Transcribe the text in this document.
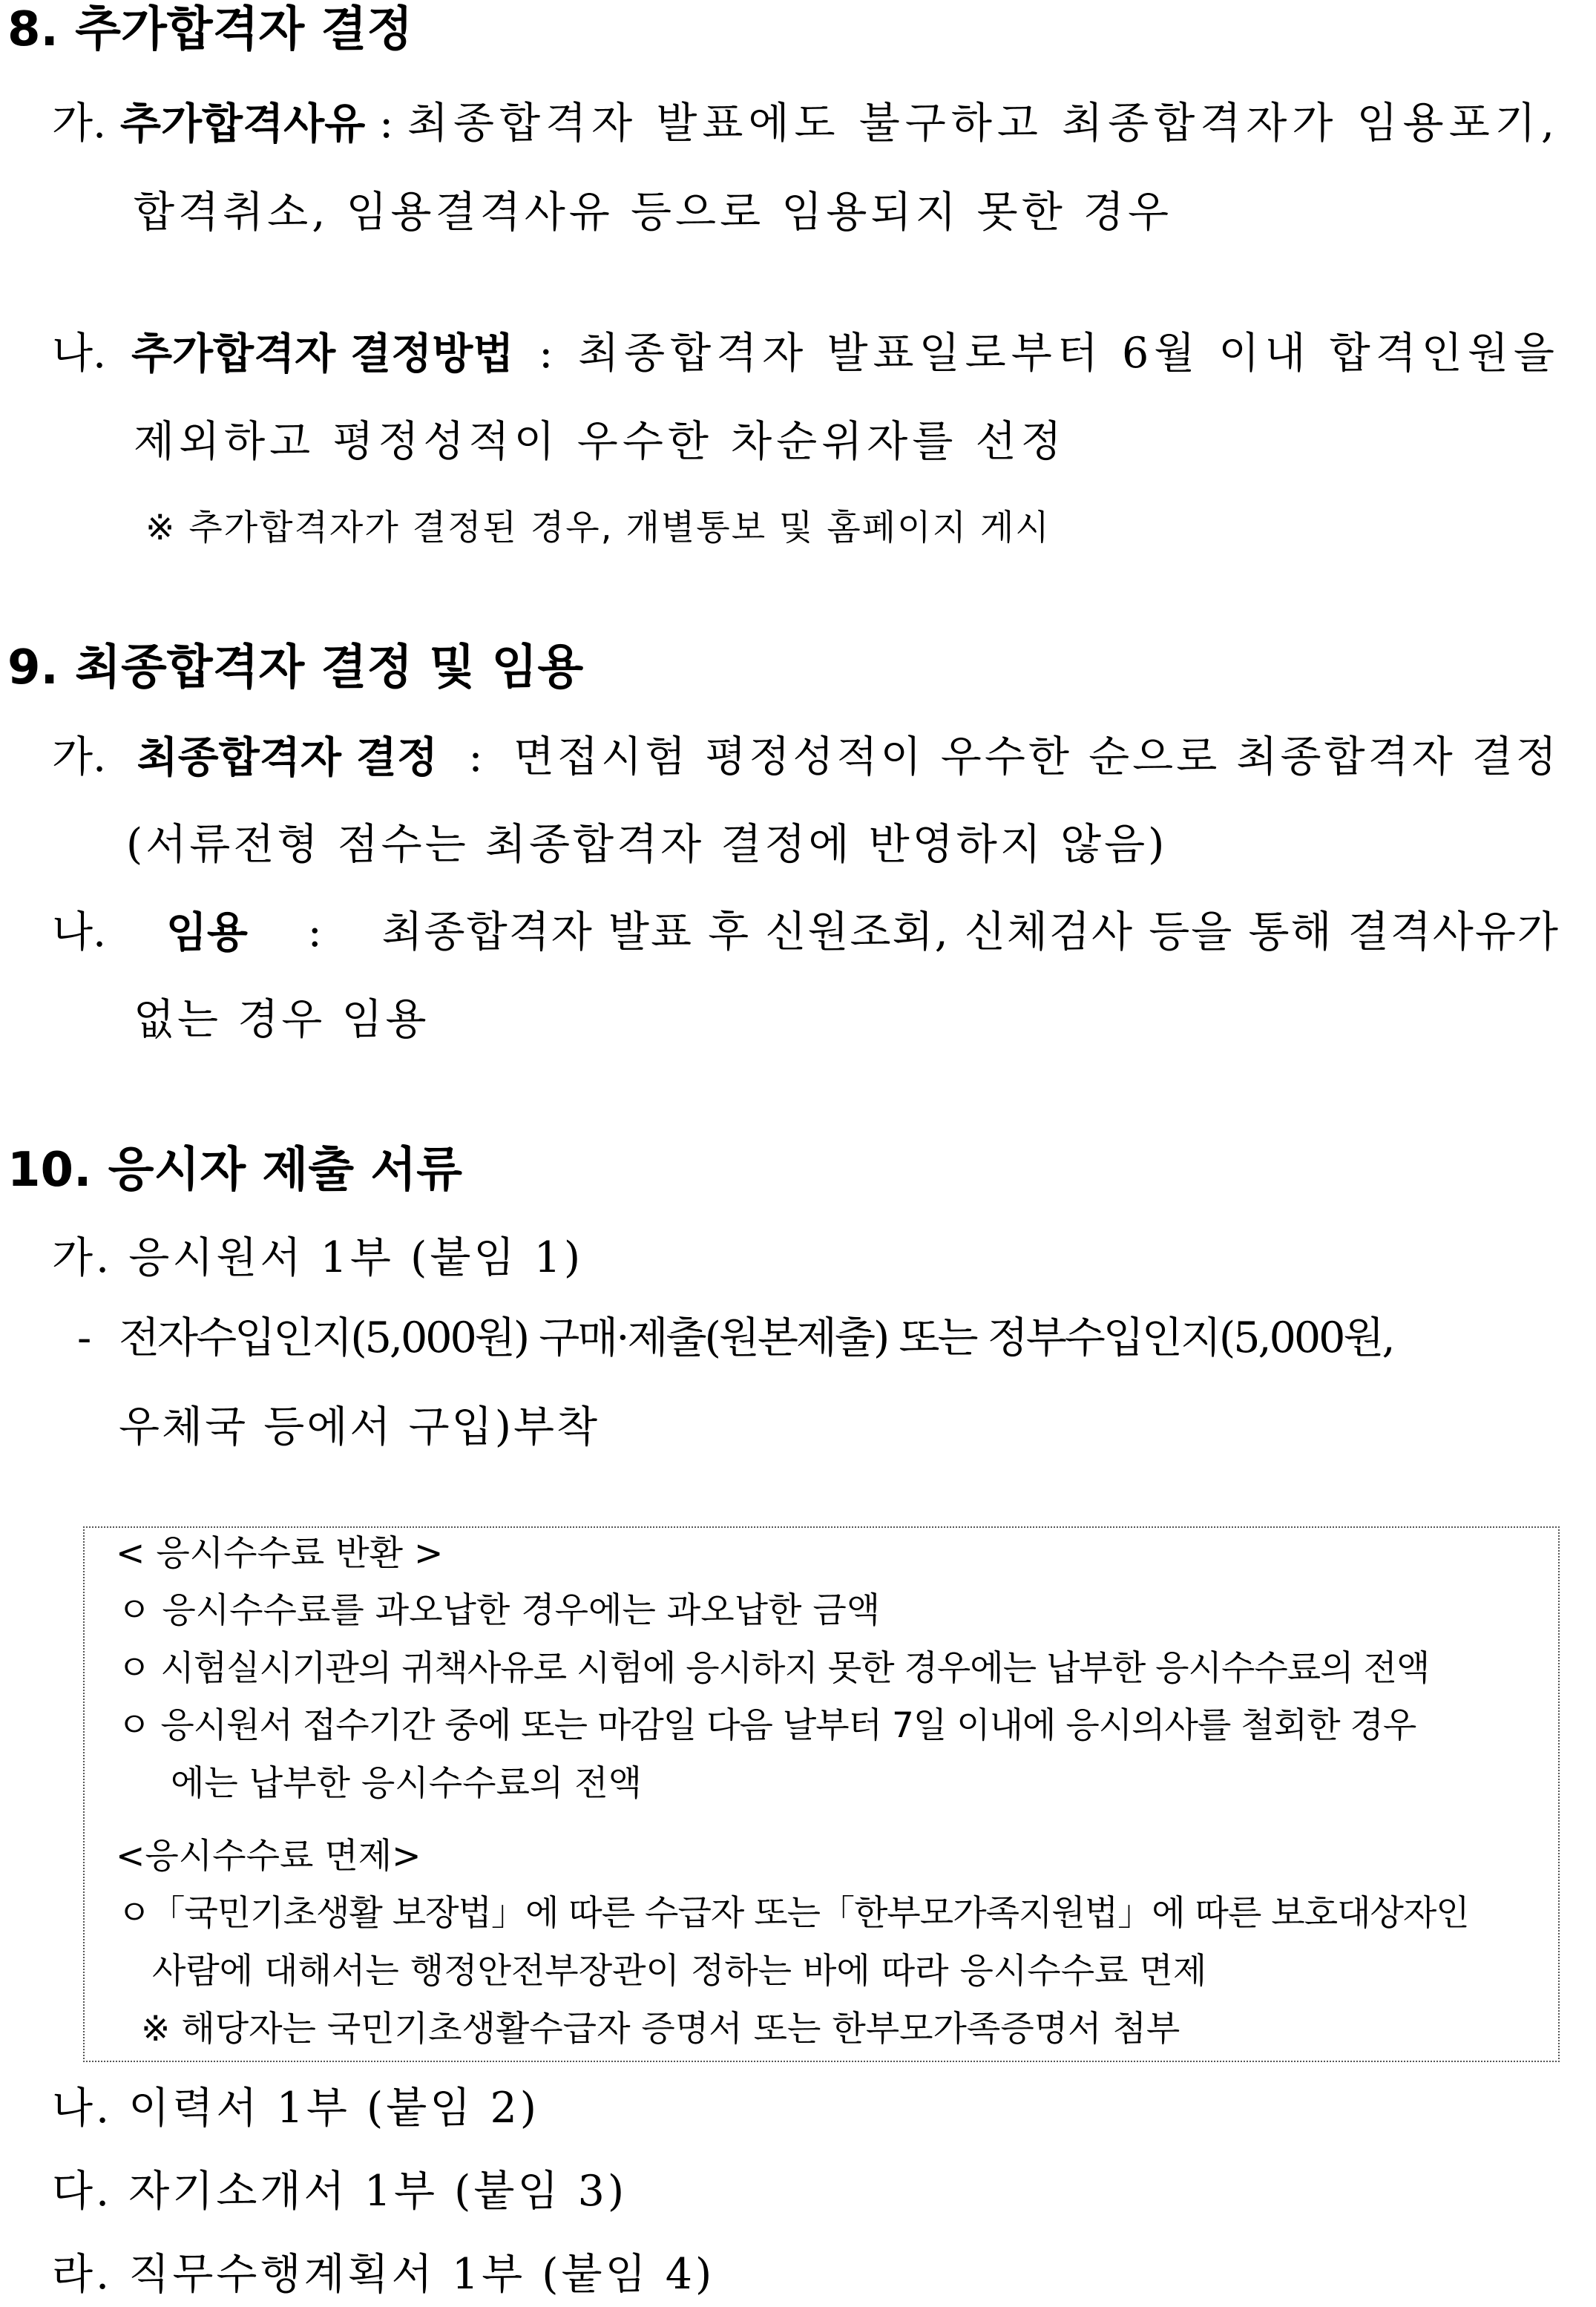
8. 추가합격자 결정
가. 추가합격사유 : 최종합격자 발표에도 불구하고 최종합격자가 임용포기,
합격취소, 임용결격사유 등으로 임용되지 못한 경우
나. 추가합격자 결정방법 : 최종합격자 발표일로부터 6월 이내 합격인원을
제외하고 평정성적이 우수한 차순위자를 선정
※ 추가합격자가 결정된 경우, 개별통보 및 홈페이지 게시
9. 최종합격자 결정 및 임용
가. 최종합격자 결정 : 면접시험 평정성적이 우수한 순으로 최종합격자 결정
(서류전형 점수는 최종합격자 결정에 반영하지 않음)
나. 임용 : 최종합격자 발표 후 신원조회, 신체검사 등을 통해 결격사유가
없는 경우 임용
10. 응시자 제출 서류
가. 응시원서 1부 (붙임 1)
- 전자수입인지(5,000원) 구매·제출(원본제출) 또는 정부수입인지(5,000원,
우체국 등에서 구입)부착
< 응시수수료 반환 >
ㅇ 응시수수료를 과오납한 경우에는 과오납한 금액
ㅇ 시험실시기관의 귀책사유로 시험에 응시하지 못한 경우에는 납부한 응시수수료의 전액
ㅇ 응시원서 접수기간 중에 또는 마감일 다음 날부터 7일 이내에 응시의사를 철회한 경우
에는 납부한 응시수수료의 전액
<응시수수료 면제>
ㅇ「국민기초생활 보장법」에 따른 수급자 또는「한부모가족지원법」에 따른 보호대상자인
사람에 대해서는 행정안전부장관이 정하는 바에 따라 응시수수료 면제
※ 해당자는 국민기초생활수급자 증명서 또는 한부모가족증명서 첨부
나. 이력서 1부 (붙임 2)
다. 자기소개서 1부 (붙임 3)
라. 직무수행계획서 1부 (붙임 4)
